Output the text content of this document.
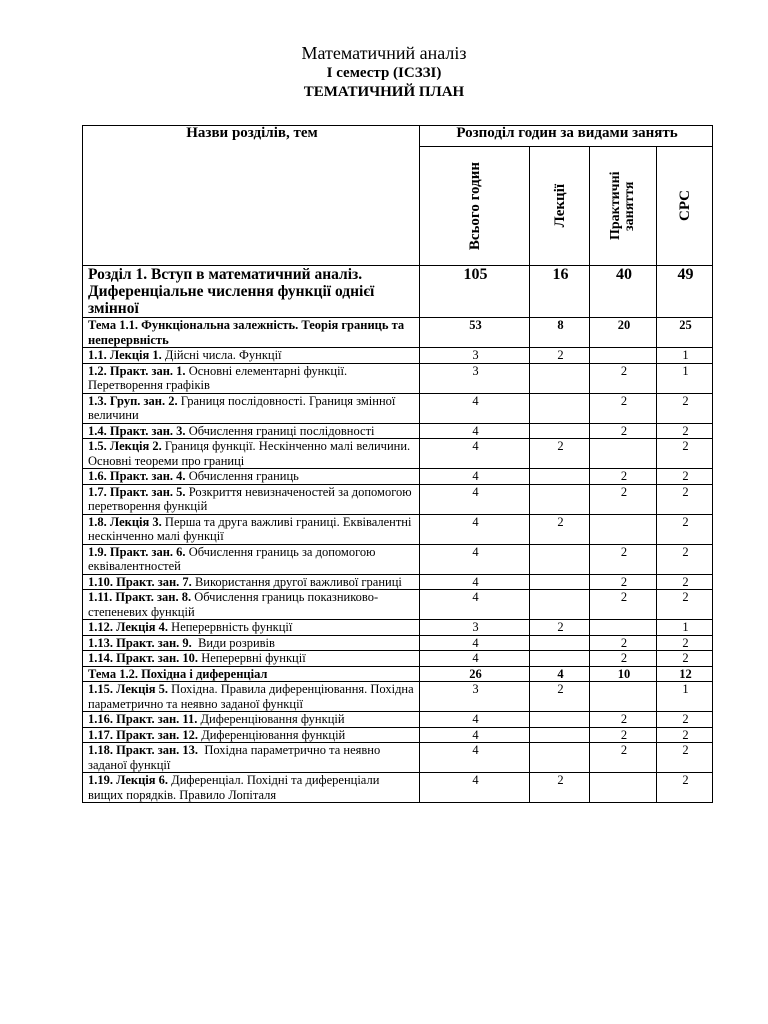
Математичний аналіз
I семестр (ІСЗЗІ)
ТЕМАТИЧНИЙ ПЛАН
Назви розділів, тем	Розподіл годин за видами занять			

	Всього годин	Лекції	Практичні заняття	СРС

Розділ 1. Вступ в математичний аналіз. Диференціальне числення функції однієї змінної	105	16	40	49
Тема 1.1. Функціональна залежність. Теорія границь та неперервність	53	8	20	25
1.1. Лекція 1. Дійсні числа. Функції	3	2		1
1.2. Практ. зан. 1. Основні елементарні функції. Перетворення графіків	3		2	1
1.3. Груп. зан. 2. Границя послідовності. Границя змінної величини	4		2	2
1.4. Практ. зан. 3. Обчислення границі послідовності	4		2	2
1.5. Лекція 2. Границя функції. Нескінченно малі величини. Основні теореми про границі	4	2		2
1.6. Практ. зан. 4. Обчислення границь	4		2	2
1.7. Практ. зан. 5. Розкриття невизначеностей за допомогою перетворення функцій	4		2	2
1.8. Лекція 3. Перша та друга важливі границі. Еквівалентні нескінченно малі функції	4	2		2
1.9. Практ. зан. 6. Обчислення границь за допомогою еквівалентностей	4		2	2
1.10. Практ. зан. 7. Використання другої важливої границі	4		2	2
1.11. Практ. зан. 8. Обчислення границь показниково-степеневих функцій	4		2	2
1.12. Лекція 4. Неперервність функції	3	2		1
1.13. Практ. зан. 9.  Види розривів	4		2	2
1.14. Практ. зан. 10. Неперервні функції	4		2	2
Тема 1.2. Похідна і диференціал	26	4	10	12
1.15. Лекція 5. Похідна. Правила диференціювання. Похідна параметрично та неявно заданої функції	3	2		1
1.16. Практ. зан. 11. Диференціювання функцій	4		2	2
1.17. Практ. зан. 12. Диференціювання функцій	4		2	2
1.18. Практ. зан. 13.  Похідна параметрично та неявно заданої функції	4		2	2
1.19. Лекція 6. Диференціал. Похідні та диференціали вищих порядків. Правило Лопіталя	4	2		2
